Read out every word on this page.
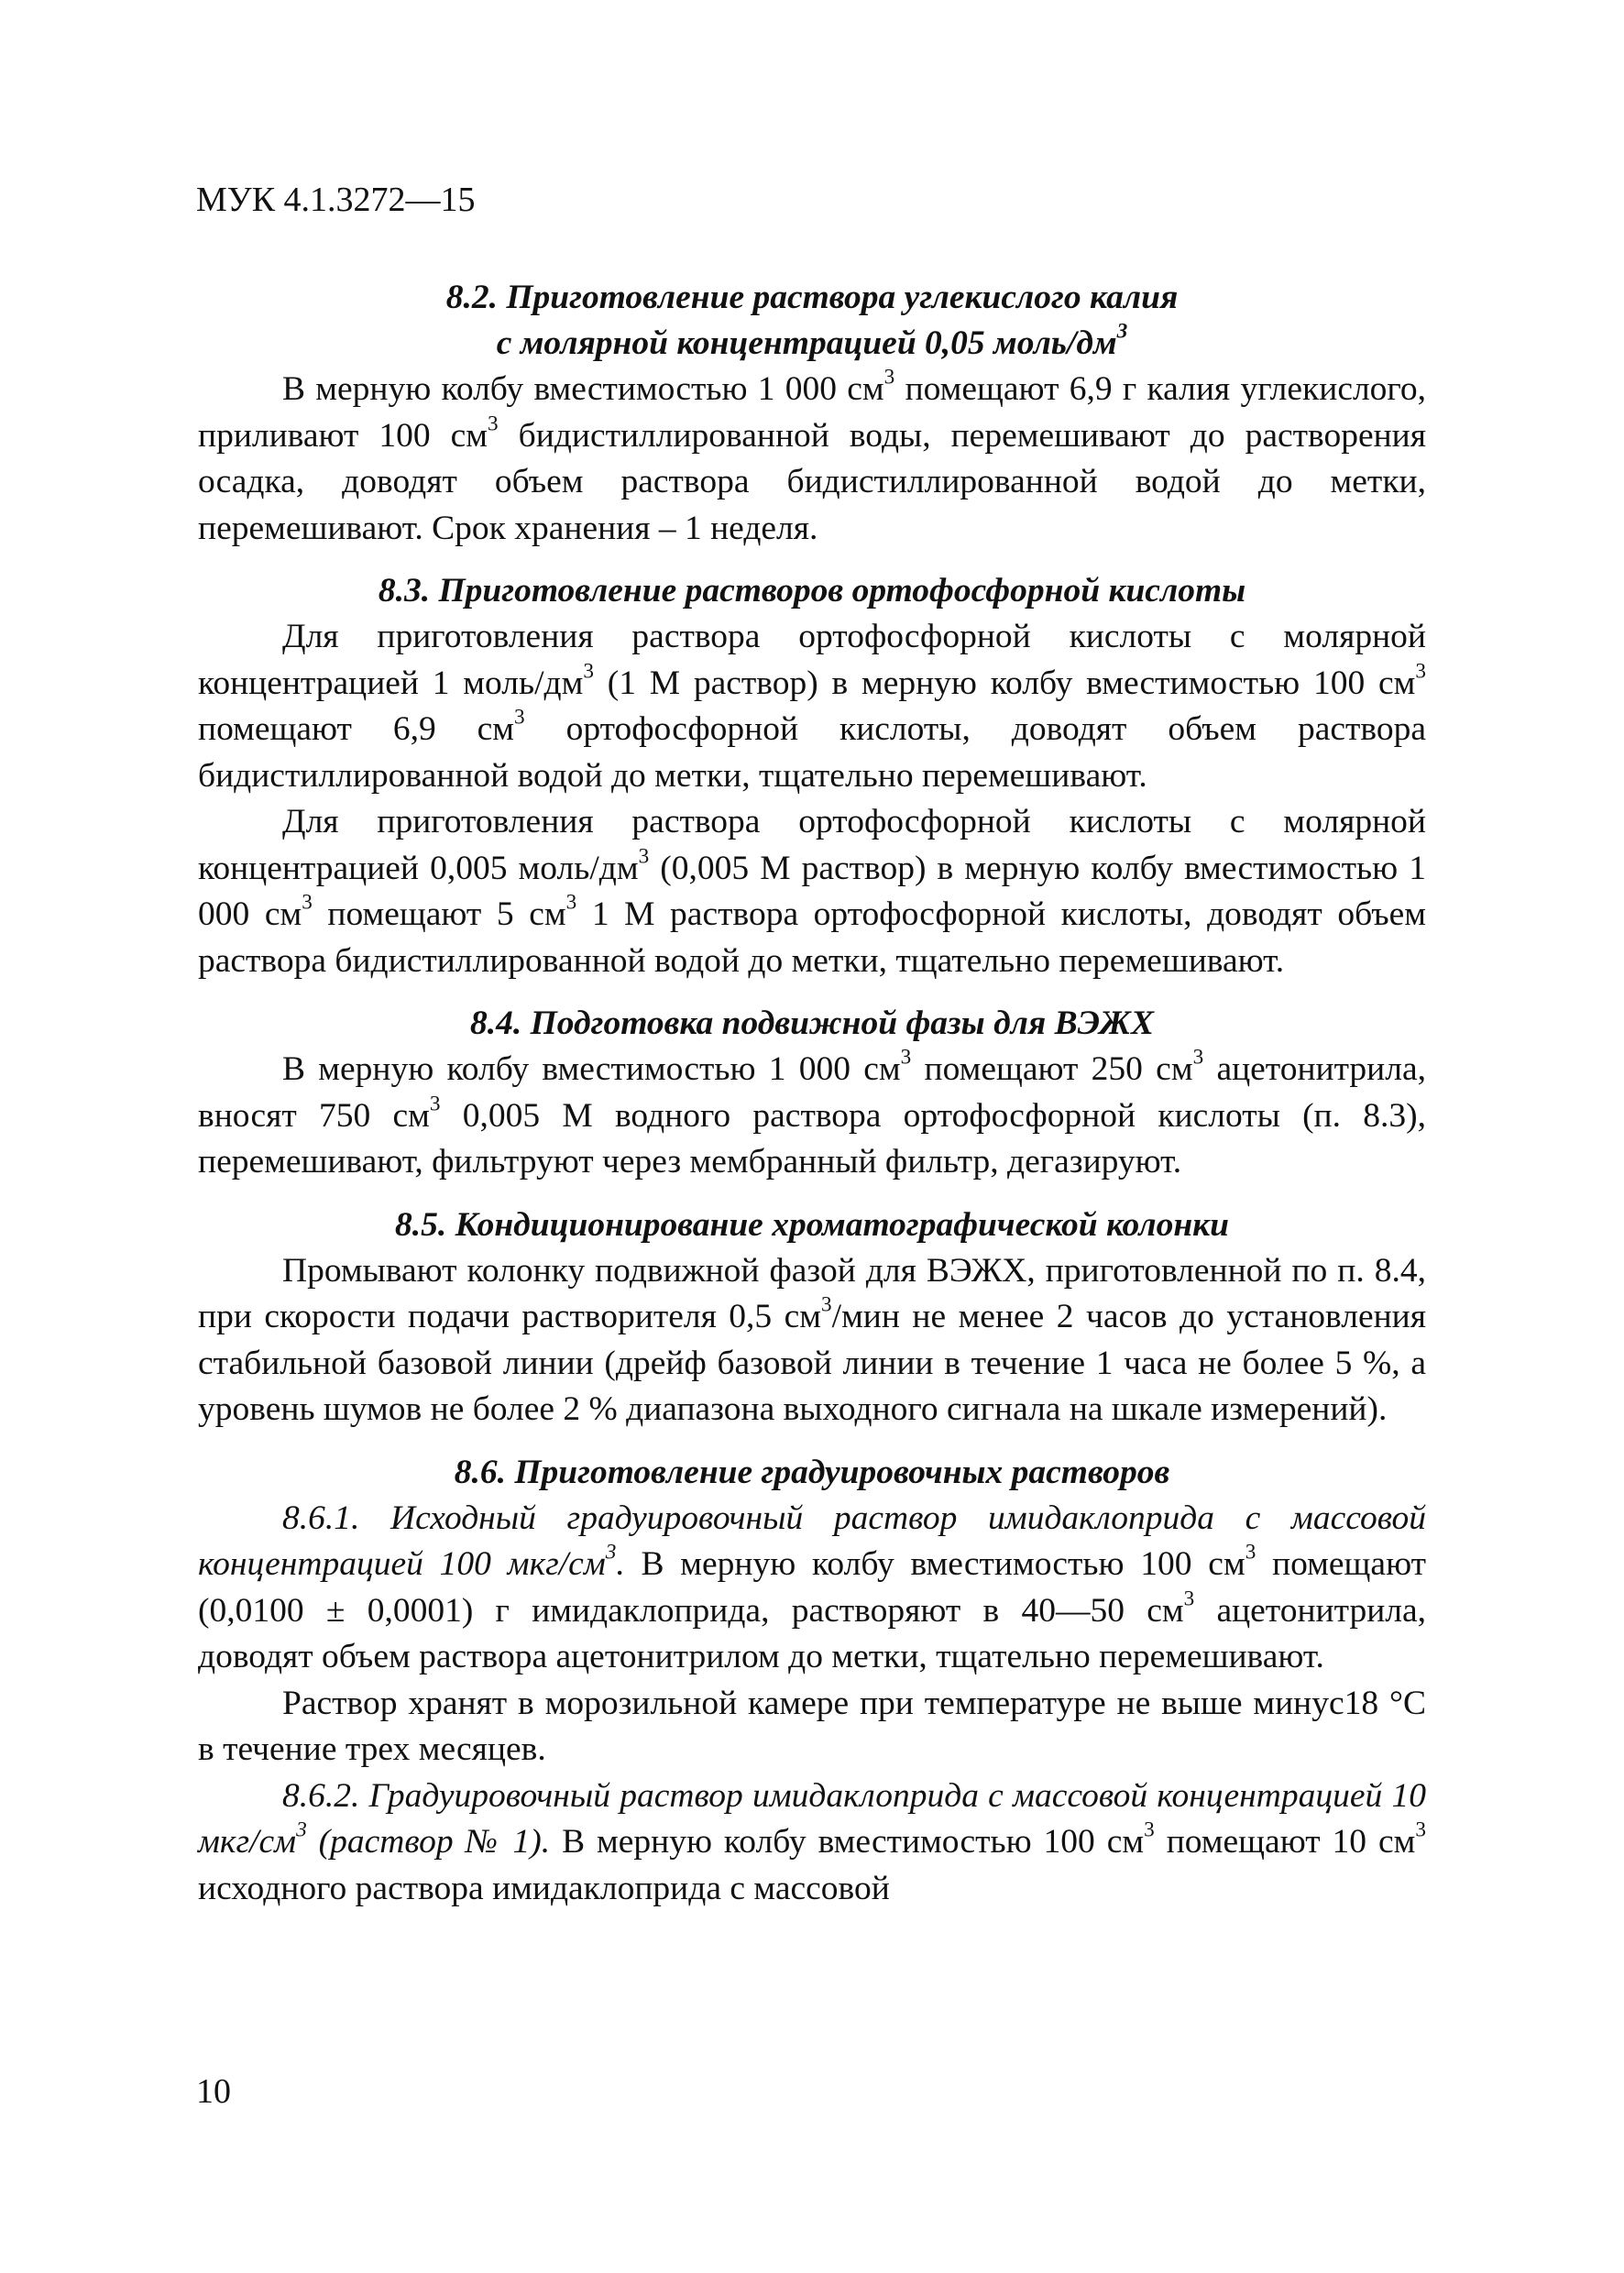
МУК 4.1.3272—15
8.2. Приготовление раствора углекислого калия
с молярной концентрацией 0,05 моль/$дм^3$

В мерную колбу вместимостью 1 000 $см^3$ помещают 6,9 г калия углекислого, приливают 100 $см^3$ бидистиллированной воды, перемешивают до растворения осадка, доводят объем раствора бидистиллированной водой до метки, перемешивают. Срок хранения – 1 неделя.

8.3. Приготовление растворов ортофосфорной кислоты

Для приготовления раствора ортофосфорной кислоты с молярной концентрацией 1 моль/$дм^3$ (1 М раствор) в мерную колбу вместимостью 100 $см^3$ помещают 6,9 $см^3$ ортофосфорной кислоты, доводят объем раствора бидистиллированной водой до метки, тщательно перемешивают.

Для приготовления раствора ортофосфорной кислоты с молярной концентрацией 0,005 моль/$дм^3$ (0,005 М раствор) в мерную колбу вместимостью 1 000 $см^3$ помещают 5 $см^3$ 1 М раствора ортофосфорной кислоты, доводят объем раствора бидистиллированной водой до метки, тщательно перемешивают.

8.4. Подготовка подвижной фазы для ВЭЖХ

В мерную колбу вместимостью 1 000 $см^3$ помещают 250 $см^3$ ацетонитрила, вносят 750 $см^3$ 0,005 М водного раствора ортофосфорной кислоты (п. 8.3), перемешивают, фильтруют через мембранный фильтр, дегазируют.

8.5. Кондиционирование хроматографической колонки

Промывают колонку подвижной фазой для ВЭЖХ, приготовленной по п. 8.4, при скорости подачи растворителя 0,5 $см^3$/мин не менее 2 часов до установления стабильной базовой линии (дрейф базовой линии в течение 1 часа не более 5 %, а уровень шумов не более 2 % диапазона выходного сигнала на шкале измерений).

8.6. Приготовление градуировочных растворов

8.6.1. Исходный градуировочный раствор имидаклоприда с массовой концентрацией 100 мкг/$см^3$. В мерную колбу вместимостью 100 $см^3$ помещают (0,0100 ± 0,0001) г имидаклоприда, растворяют в 40—50 $см^3$ ацетонитрила, доводят объем раствора ацетонитрилом до метки, тщательно перемешивают.

Раствор хранят в морозильной камере при температуре не выше минус18 °С в течение трех месяцев.

8.6.2. Градуировочный раствор имидаклоприда с массовой концентрацией 10 мкг/$см^3$ (раствор № 1). В мерную колбу вместимостью 100 $см^3$ помещают 10 $см^3$ исходного раствора имидаклоприда с массовой

10
